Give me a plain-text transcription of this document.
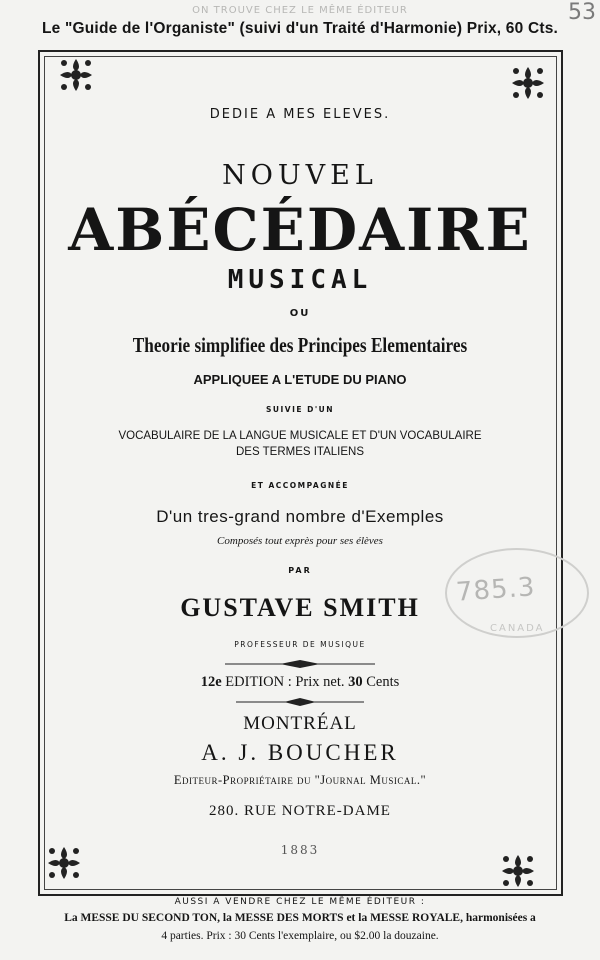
ON TROUVE CHEZ LE MÊME ÉDITEUR
Le "Guide de l'Organiste" (suivi d'un Traité d'Harmonie) Prix, 60 Cts.
53
785.3
CANADA
DEDIE A MES ELEVES.
NOUVEL
ABÉCÉDAIRE
MUSICAL
OU
Theorie simplifiee des Principes Elementaires
APPLIQUEE A L'ETUDE DU PIANO
SUIVIE D'UN
VOCABULAIRE DE LA LANGUE MUSICALE ET D'UN VOCABULAIRE
DES TERMES ITALIENS
ET ACCOMPAGNÉE
D'un tres-grand nombre d'Exemples
Composés tout exprès pour ses élèves
PAR
GUSTAVE SMITH
PROFESSEUR DE MUSIQUE
12e EDITION : Prix net. 30 Cents
MONTRÉAL
A. J. BOUCHER
Editeur-Propriétaire du "Journal Musical."
280. RUE NOTRE-DAME
1883
AUSSI A VENDRE CHEZ LE MÊME ÉDITEUR :
La MESSE DU SECOND TON, la MESSE DES MORTS et la MESSE ROYALE, harmonisées a
4 parties. Prix : 30 Cents l'exemplaire, ou $2.00 la douzaine.
